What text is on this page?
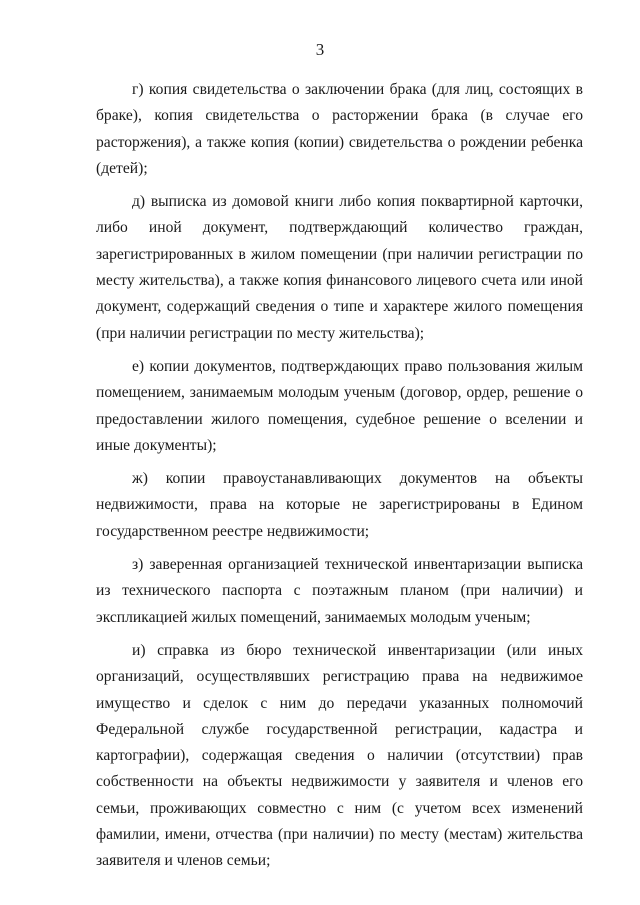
3

г) копия свидетельства о заключении брака (для лиц, состоящих в браке), копия свидетельства о расторжении брака (в случае его расторжения), а также копия (копии) свидетельства о рождении ребенка (детей);

д) выписка из домовой книги либо копия поквартирной карточки, либо иной документ, подтверждающий количество граждан, зарегистрированных в жилом помещении (при наличии регистрации по месту жительства), а также копия финансового лицевого счета или иной документ, содержащий сведения о типе и характере жилого помещения (при наличии регистрации по месту жительства);

е) копии документов, подтверждающих право пользования жилым помещением, занимаемым молодым ученым (договор, ордер, решение о предоставлении жилого помещения, судебное решение о вселении и иные документы);

ж) копии правоустанавливающих документов на объекты недвижимости, права на которые не зарегистрированы в Едином государственном реестре недвижимости;

з) заверенная организацией технической инвентаризации выписка из технического паспорта с поэтажным планом (при наличии) и экспликацией жилых помещений, занимаемых молодым ученым;

и) справка из бюро технической инвентаризации (или иных организаций, осуществлявших регистрацию права на недвижимое имущество и сделок с ним до передачи указанных полномочий Федеральной службе государственной регистрации, кадастра и картографии), содержащая сведения о наличии (отсутствии) прав собственности на объекты недвижимости у заявителя и членов его семьи, проживающих совместно с ним (с учетом всех изменений фамилии, имени, отчества (при наличии) по месту (местам) жительства заявителя и членов семьи;
